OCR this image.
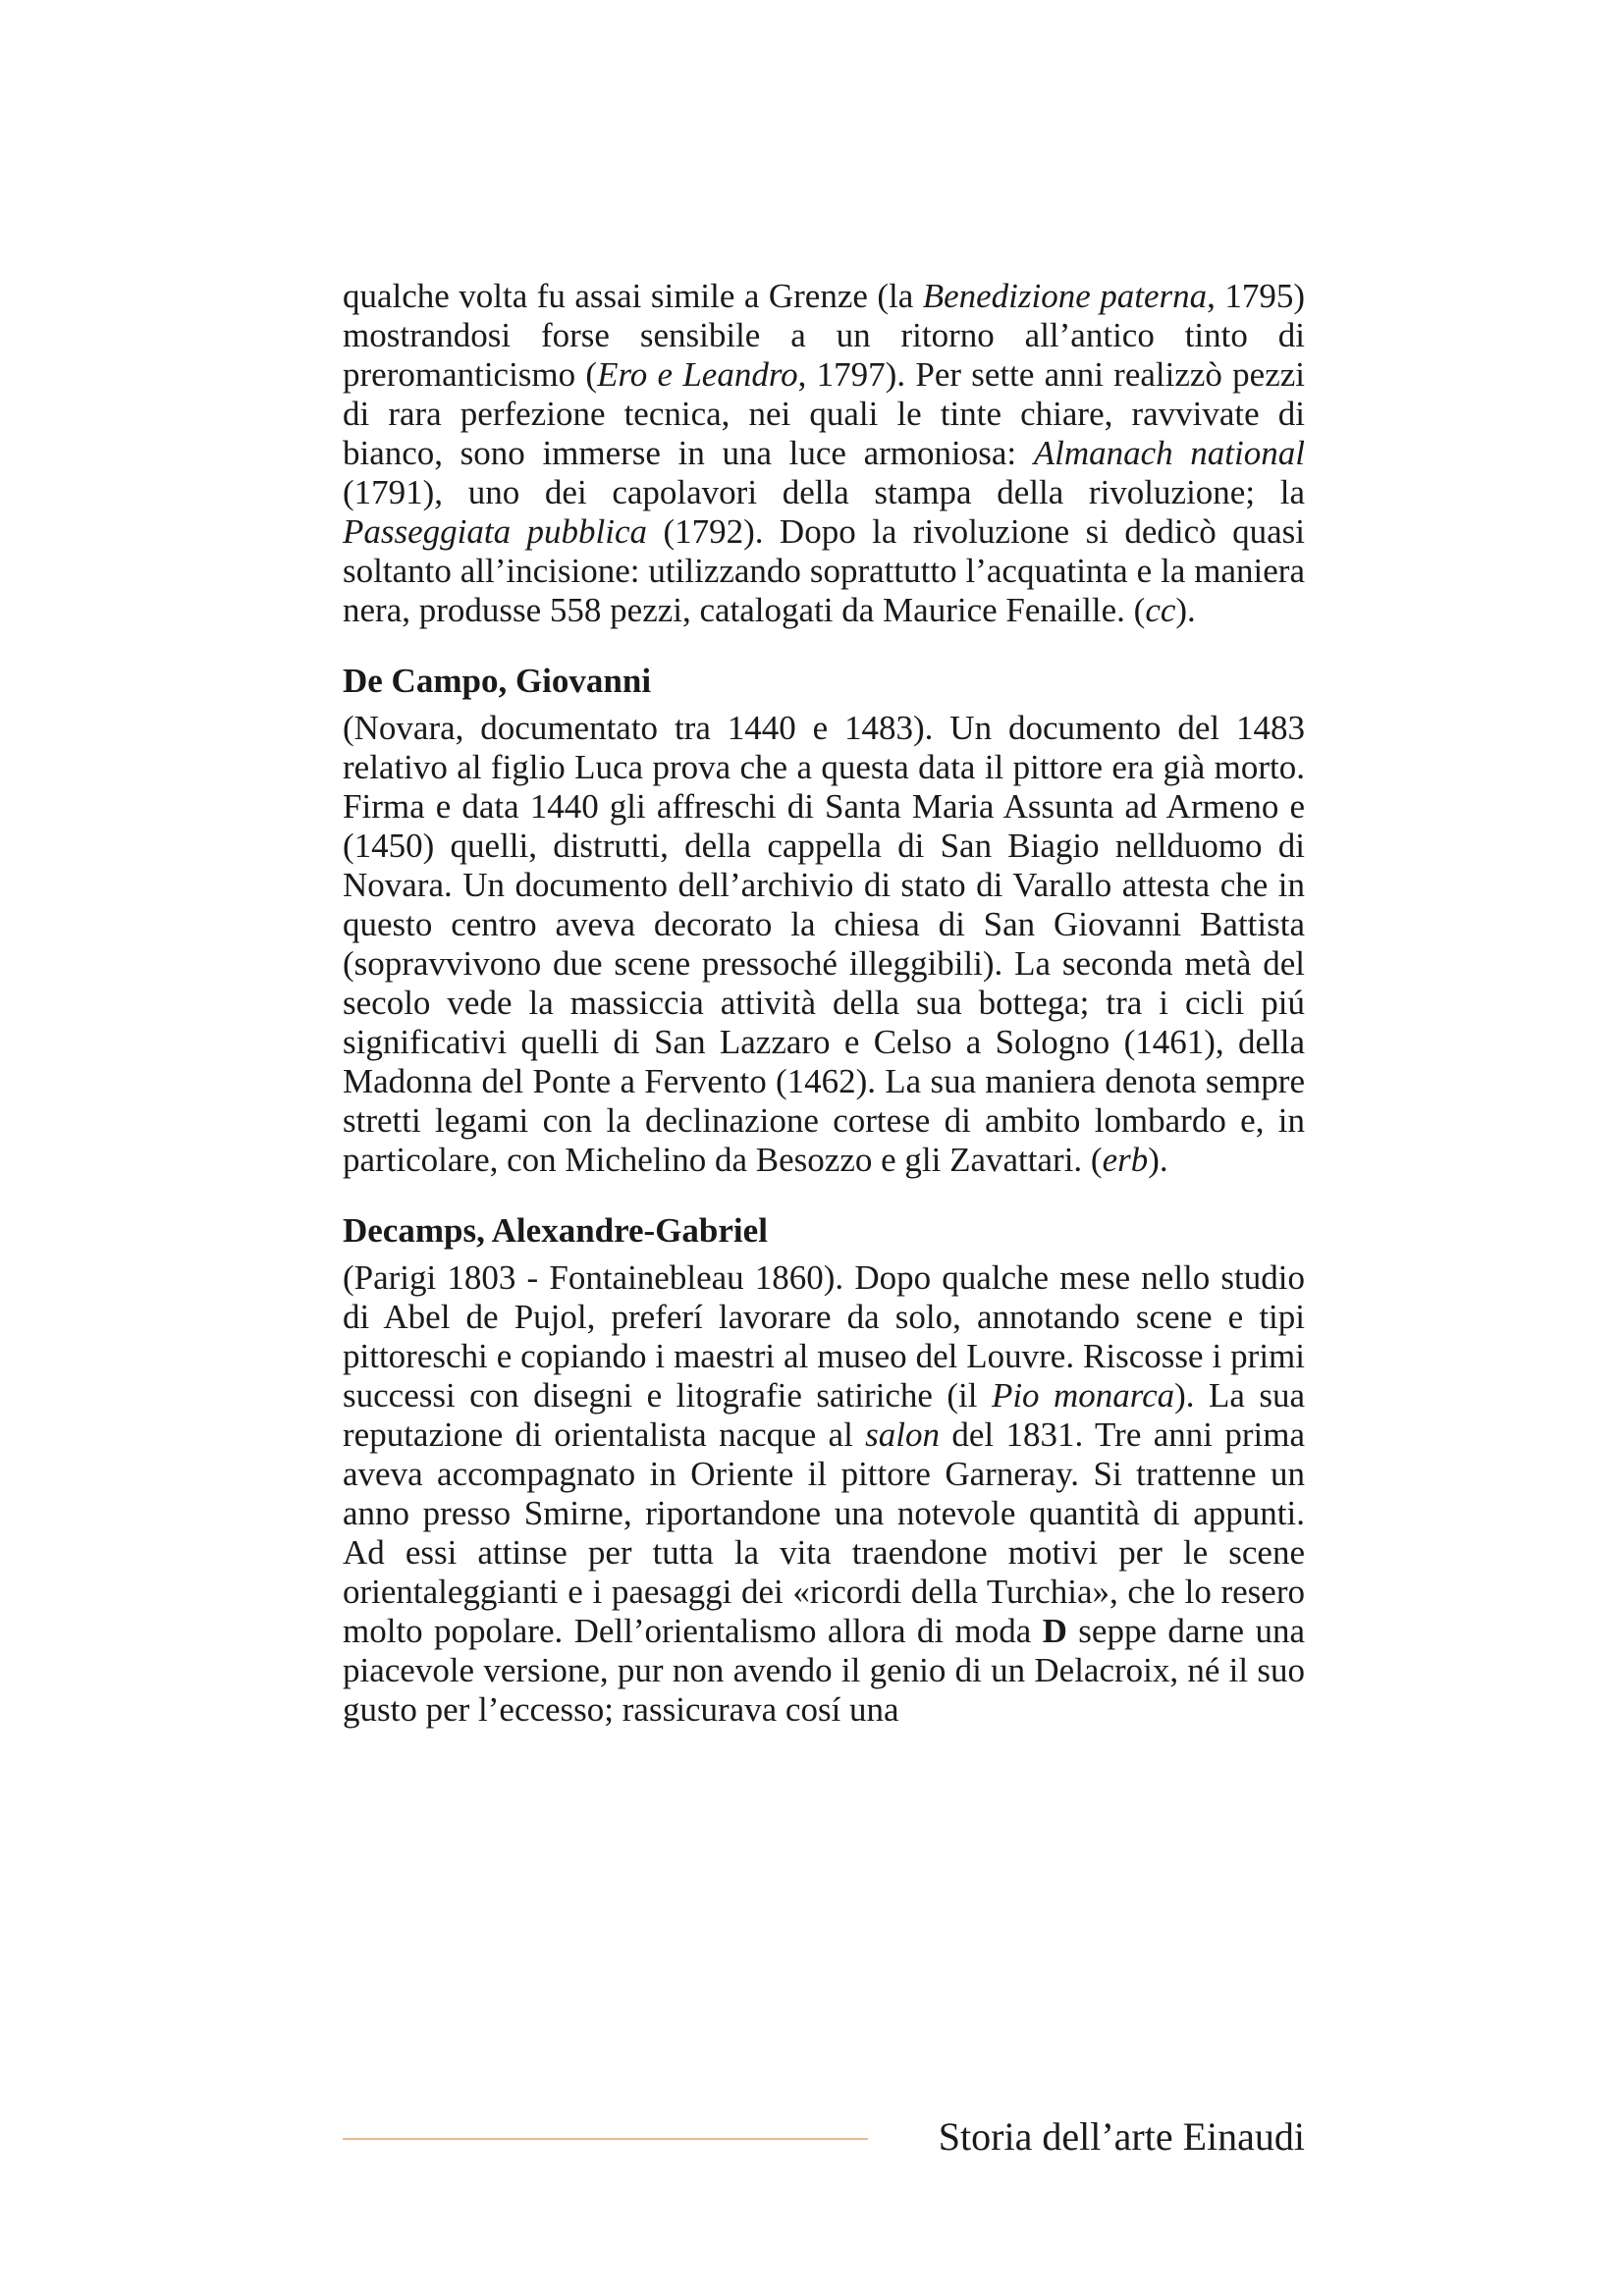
qualche volta fu assai simile a Grenze (la Benedizione paterna, 1795) mostrandosi forse sensibile a un ritorno all’antico tinto di preromanticismo (Ero e Leandro, 1797). Per sette anni realizzò pezzi di rara perfezione tecnica, nei quali le tinte chiare, ravvivate di bianco, sono immerse in una luce armoniosa: Almanach national (1791), uno dei capolavori della stampa della rivoluzione; la Passeggiata pubblica (1792). Dopo la rivoluzione si dedicò quasi soltanto all’incisione: utilizzando soprattutto l’acquatinta e la maniera nera, produsse 558 pezzi, catalogati da Maurice Fenaille. (cc).

De Campo, Giovanni

(Novara, documentato tra 1440 e 1483). Un documento del 1483 relativo al figlio Luca prova che a questa data il pittore era già morto. Firma e data 1440 gli affreschi di Santa Maria Assunta ad Armeno e (1450) quelli, distrutti, della cappella di San Biagio nellduomo di Novara. Un documento dell’archivio di stato di Varallo attesta che in questo centro aveva decorato la chiesa di San Giovanni Battista (sopravvivono due scene pressoché illeggibili). La seconda metà del secolo vede la massiccia attività della sua bottega; tra i cicli piú significativi quelli di San Lazzaro e Celso a Sologno (1461), della Madonna del Ponte a Fervento (1462). La sua maniera denota sempre stretti legami con la declinazione cortese di ambito lombardo e, in particolare, con Michelino da Besozzo e gli Zavattari. (erb).

Decamps, Alexandre-Gabriel

(Parigi 1803 - Fontainebleau 1860). Dopo qualche mese nello studio di Abel de Pujol, preferí lavorare da solo, annotando scene e tipi pittoreschi e copiando i maestri al museo del Louvre. Riscosse i primi successi con disegni e litografie satiriche (il Pio monarca). La sua reputazione di orientalista nacque al salon del 1831. Tre anni prima aveva accompagnato in Oriente il pittore Garneray. Si trattenne un anno presso Smirne, riportandone una notevole quantità di appunti. Ad essi attinse per tutta la vita traendone motivi per le scene orientaleggianti e i paesaggi dei «ricordi della Turchia», che lo resero molto popolare. Dell’orientalismo allora di moda D seppe darne una piacevole versione, pur non avendo il genio di un Delacroix, né il suo gusto per l’eccesso; rassicurava cosí una

Storia dell’arte Einaudi
